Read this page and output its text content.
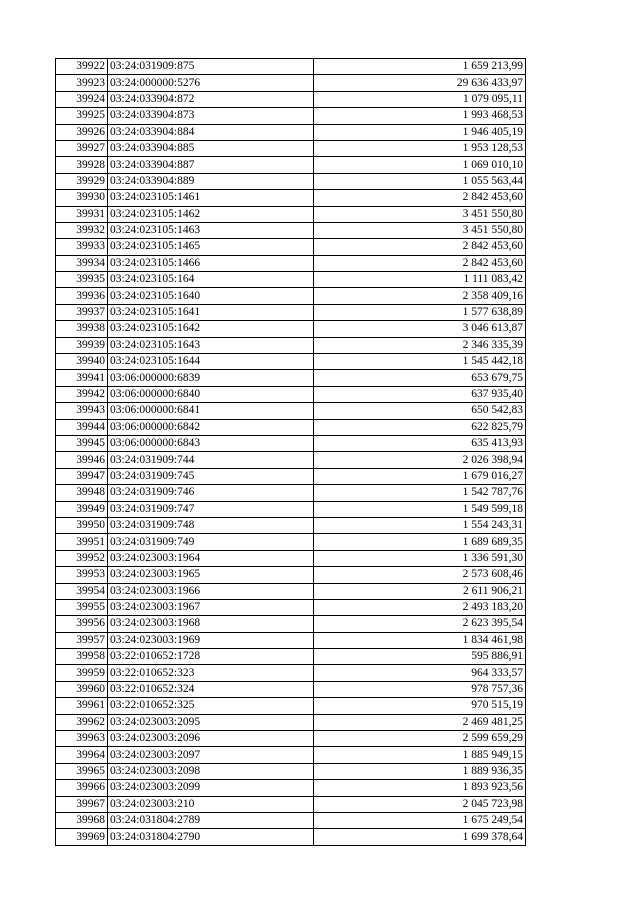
39922	03:24:031909:875	1 659 213,99
39923	03:24:000000:5276	29 636 433,97
39924	03:24:033904:872	1 079 095,11
39925	03:24:033904:873	1 993 468,53
39926	03:24:033904:884	1 946 405,19
39927	03:24:033904:885	1 953 128,53
39928	03:24:033904:887	1 069 010,10
39929	03:24:033904:889	1 055 563,44
39930	03:24:023105:1461	2 842 453,60
39931	03:24:023105:1462	3 451 550,80
39932	03:24:023105:1463	3 451 550,80
39933	03:24:023105:1465	2 842 453,60
39934	03:24:023105:1466	2 842 453,60
39935	03:24:023105:164	1 111 083,42
39936	03:24:023105:1640	2 358 409,16
39937	03:24:023105:1641	1 577 638,89
39938	03:24:023105:1642	3 046 613,87
39939	03:24:023105:1643	2 346 335,39
39940	03:24:023105:1644	1 545 442,18
39941	03:06:000000:6839	653 679,75
39942	03:06:000000:6840	637 935,40
39943	03:06:000000:6841	650 542,83
39944	03:06:000000:6842	622 825,79
39945	03:06:000000:6843	635 413,93
39946	03:24:031909:744	2 026 398,94
39947	03:24:031909:745	1 679 016,27
39948	03:24:031909:746	1 542 787,76
39949	03:24:031909:747	1 549 599,18
39950	03:24:031909:748	1 554 243,31
39951	03:24:031909:749	1 689 689,35
39952	03:24:023003:1964	1 336 591,30
39953	03:24:023003:1965	2 573 608,46
39954	03:24:023003:1966	2 611 906,21
39955	03:24:023003:1967	2 493 183,20
39956	03:24:023003:1968	2 623 395,54
39957	03:24:023003:1969	1 834 461,98
39958	03:22:010652:1728	595 886,91
39959	03:22:010652:323	964 333,57
39960	03:22:010652:324	978 757,36
39961	03:22:010652:325	970 515,19
39962	03:24:023003:2095	2 469 481,25
39963	03:24:023003:2096	2 599 659,29
39964	03:24:023003:2097	1 885 949,15
39965	03:24:023003:2098	1 889 936,35
39966	03:24:023003:2099	1 893 923,56
39967	03:24:023003:210	2 045 723,98
39968	03:24:031804:2789	1 675 249,54
39969	03:24:031804:2790	1 699 378,64
